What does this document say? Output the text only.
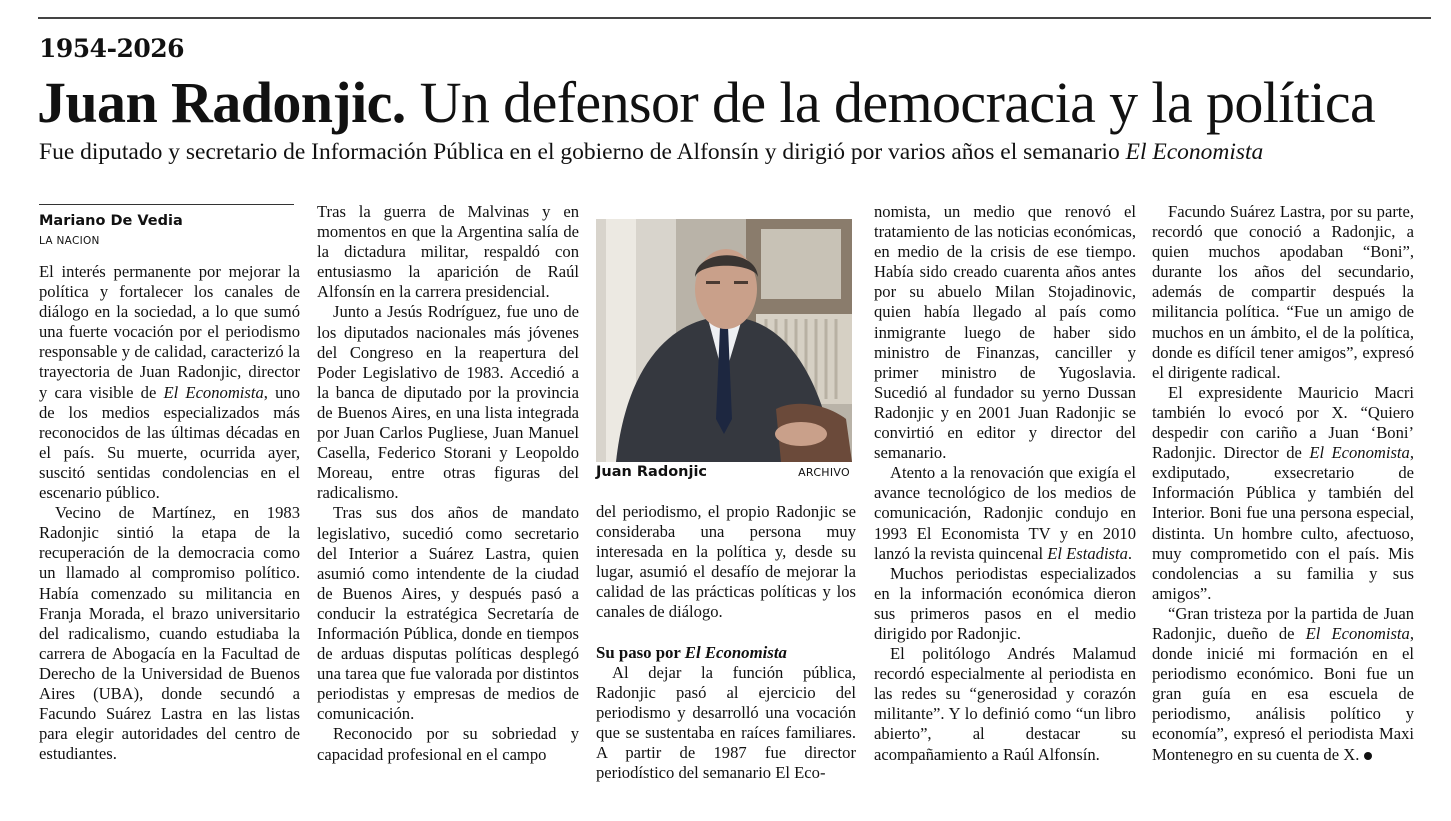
1954-2026
Juan Radonjic. Un defensor de la democracia y la política
Fue diputado y secretario de Información Pública en el gobierno de Alfonsín y dirigió por varios años el semanario El Economista
Mariano De Vedia
LA NACION

El interés permanente por mejorar la política y fortalecer los canales de diálogo en la sociedad, a lo que sumó una fuerte vocación por el periodismo responsable y de calidad, caracterizó la trayectoria de Juan Radonjic, director y cara visible de El Economista, uno de los medios especializados más reconocidos de las últimas décadas en el país. Su muerte, ocurrida ayer, suscitó sentidas condolencias en el escenario público.

Vecino de Martínez, en 1983 Radonjic sintió la etapa de la recuperación de la democracia como un llamado al compromiso político. Había comenzado su militancia en Franja Morada, el brazo universitario del radicalismo, cuando estudiaba la carrera de Abogacía en la Facultad de Derecho de la Universidad de Buenos Aires (UBA), donde secundó a Facundo Suárez Lastra en las listas para elegir autoridades del centro de estudiantes.

Tras la guerra de Malvinas y en momentos en que la Argentina salía de la dictadura militar, respaldó con entusiasmo la aparición de Raúl Alfonsín en la carrera presidencial.

Junto a Jesús Rodríguez, fue uno de los diputados nacionales más jóvenes del Congreso en la reapertura del Poder Legislativo de 1983. Accedió a la banca de diputado por la provincia de Buenos Aires, en una lista integrada por Juan Carlos Pugliese, Juan Manuel Casella, Federico Storani y Leopoldo Moreau, entre otras figuras del radicalismo.

Tras sus dos años de mandato legislativo, sucedió como secretario del Interior a Suárez Lastra, quien asumió como intendente de la ciudad de Buenos Aires, y después pasó a conducir la estratégica Secretaría de Información Pública, donde en tiempos de arduas disputas políticas desplegó una tarea que fue valorada por distintos periodistas y empresas de medios de comunicación.

Reconocido por su sobriedad y capacidad profesional en el campo

Juan Radonjic	ARCHIVO

del periodismo, el propio Radonjic se consideraba una persona muy interesada en la política y, desde su lugar, asumió el desafío de mejorar la calidad de las prácticas políticas y los canales de diálogo.

Su paso por El Economista

Al dejar la función pública, Radonjic pasó al ejercicio del periodismo y desarrolló una vocación que se sustentaba en raíces familiares. A partir de 1987 fue director periodístico del semanario El Eco-

nomista, un medio que renovó el tratamiento de las noticias económicas, en medio de la crisis de ese tiempo. Había sido creado cuarenta años antes por su abuelo Milan Stojadinovic, quien había llegado al país como inmigrante luego de haber sido ministro de Finanzas, canciller y primer ministro de Yugoslavia. Sucedió al fundador su yerno Dussan Radonjic y en 2001 Juan Radonjic se convirtió en editor y director del semanario.

Atento a la renovación que exigía el avance tecnológico de los medios de comunicación, Radonjic condujo en 1993 El Economista TV y en 2010 lanzó la revista quincenal El Estadista.

Muchos periodistas especializados en la información económica dieron sus primeros pasos en el medio dirigido por Radonjic.

El politólogo Andrés Malamud recordó especialmente al periodista en las redes su “generosidad y corazón militante”. Y lo definió como “un libro abierto”, al destacar su acompañamiento a Raúl Alfonsín.

Facundo Suárez Lastra, por su parte, recordó que conoció a Radonjic, a quien muchos apodaban “Boni”, durante los años del secundario, además de compartir después la militancia política. “Fue un amigo de muchos en un ámbito, el de la política, donde es difícil tener amigos”, expresó el dirigente radical.

El expresidente Mauricio Macri también lo evocó por X. “Quiero despedir con cariño a Juan ‘Boni’ Radonjic. Director de El Economista, exdiputado, exsecretario de Información Pública y también del Interior. Boni fue una persona especial, distinta. Un hombre culto, afectuoso, muy comprometido con el país. Mis condolencias a su familia y sus amigos”.

“Gran tristeza por la partida de Juan Radonjic, dueño de El Economista, donde inicié mi formación en el periodismo económico. Boni fue un gran guía en esa escuela de periodismo, análisis político y economía”, expresó el periodista Maxi Montenegro en su cuenta de X.
